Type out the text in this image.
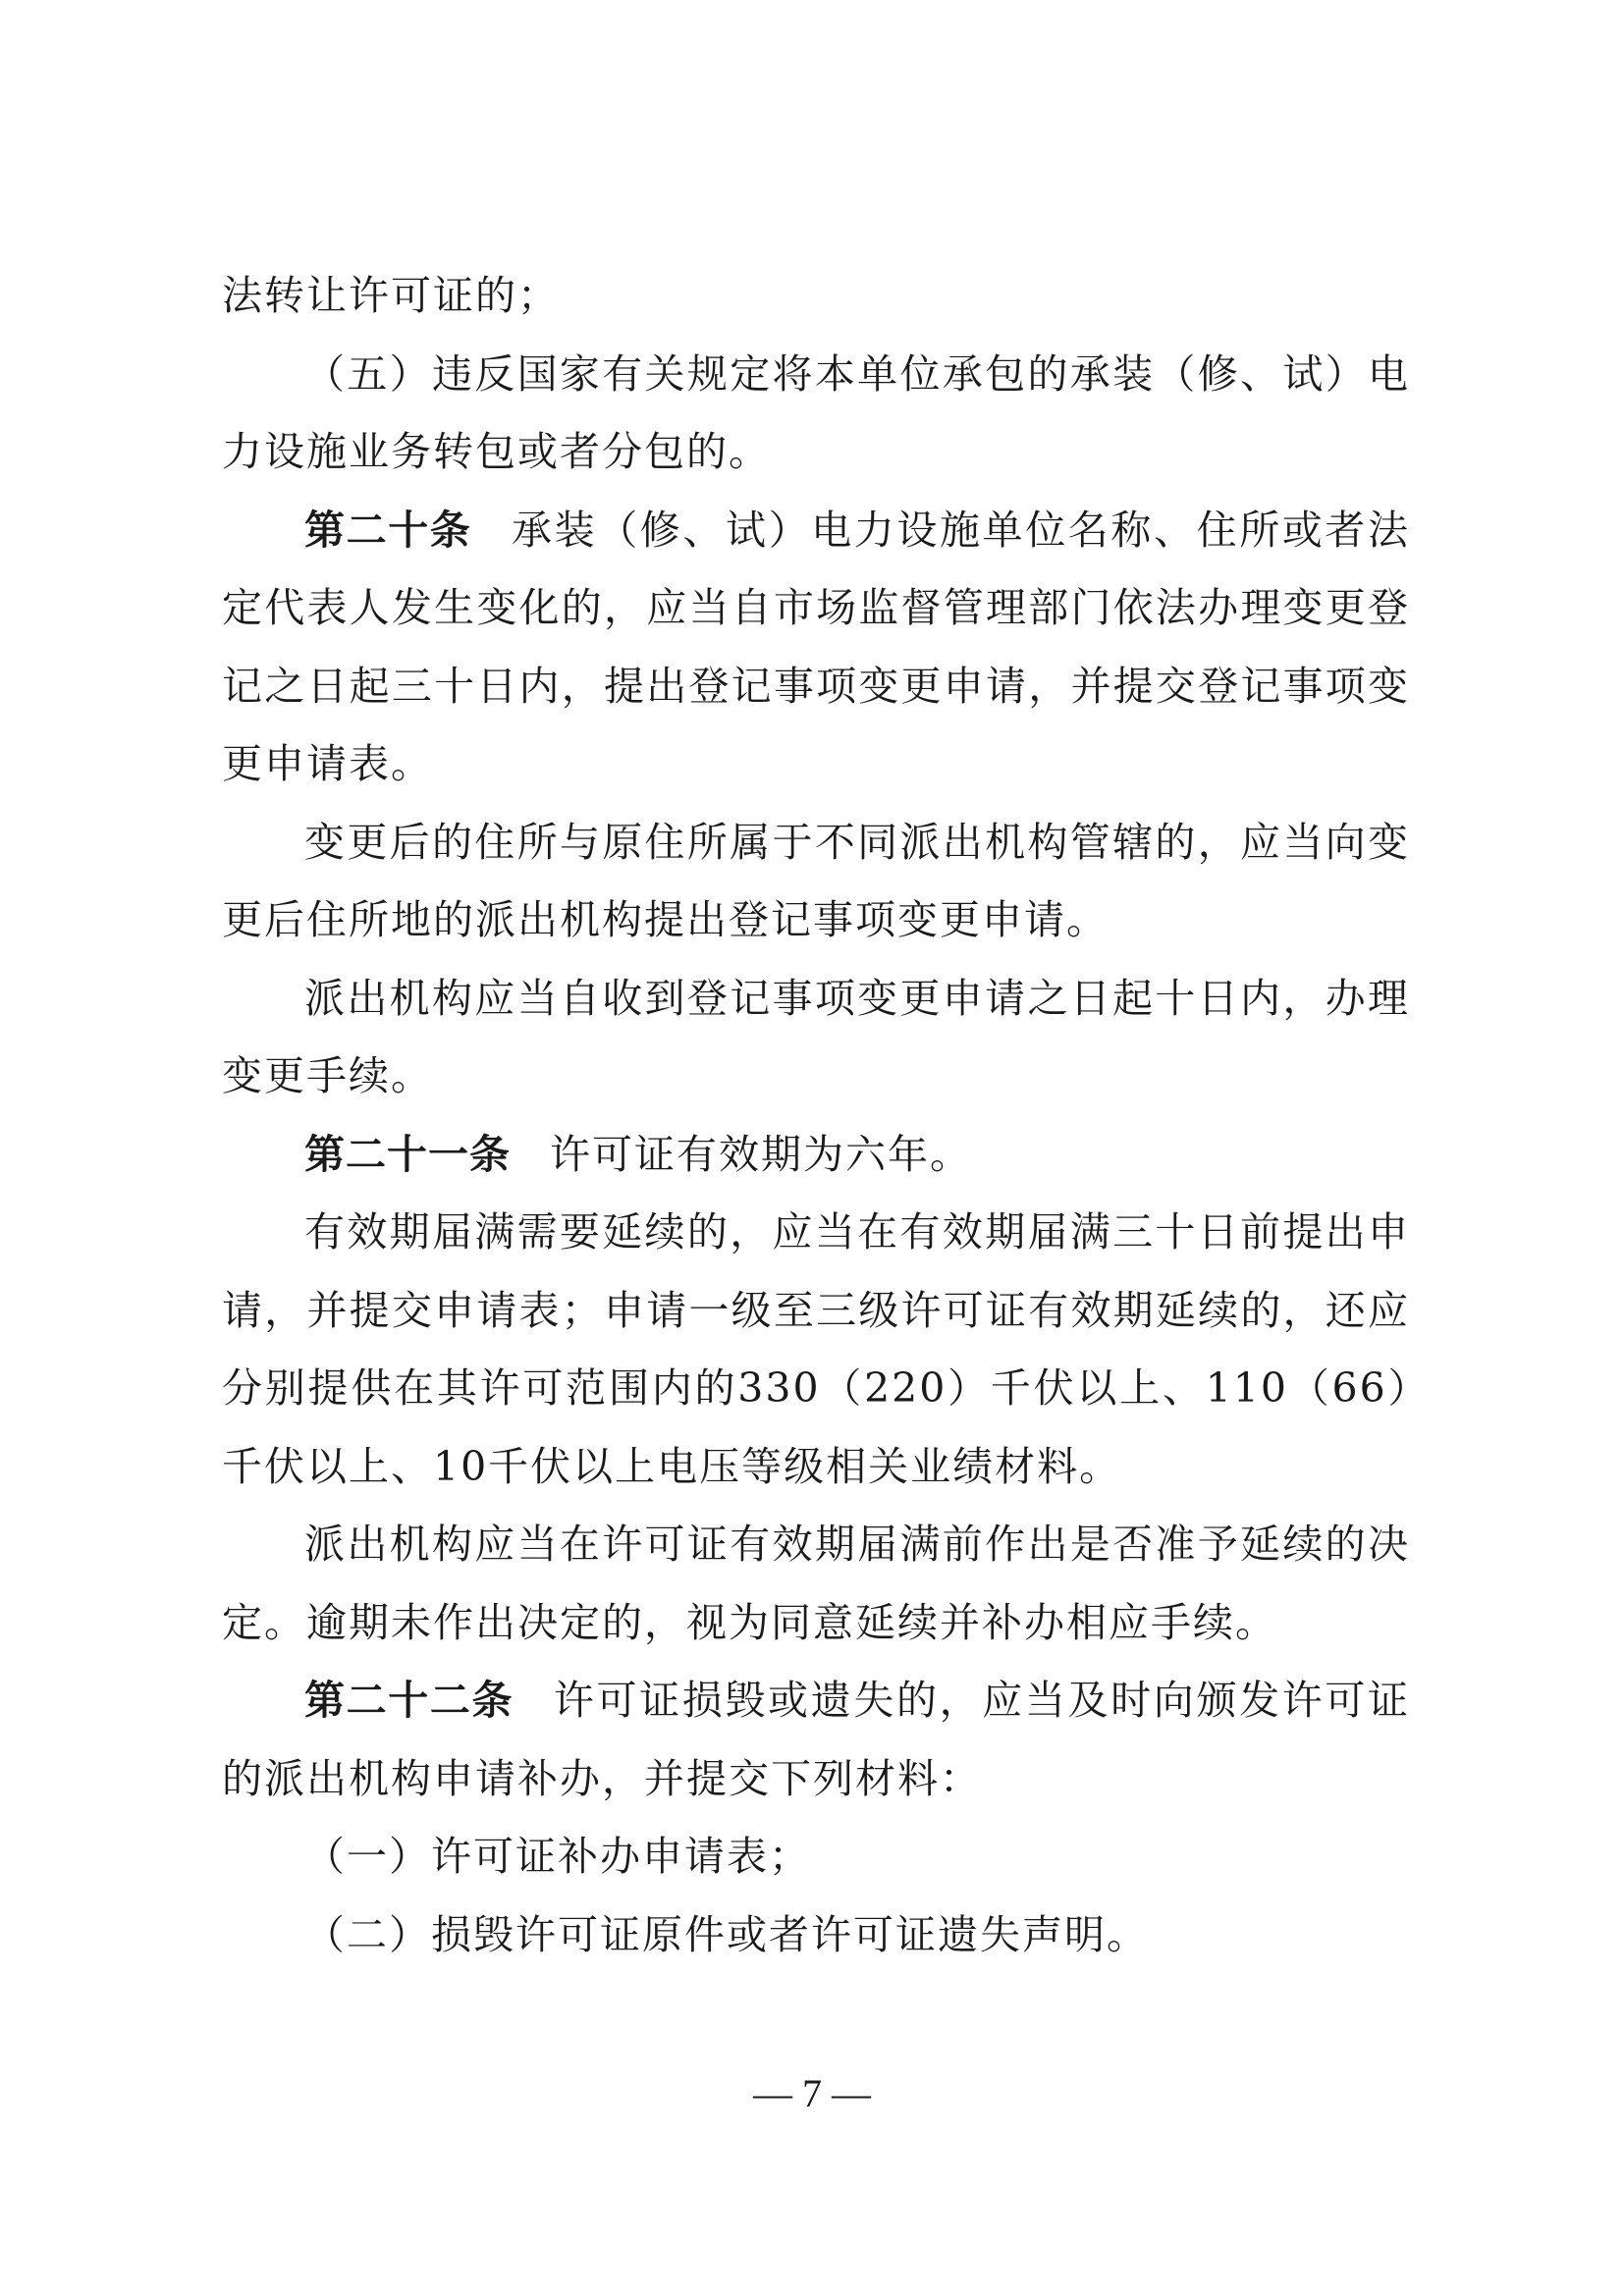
法转让许可证的；

（五）违反国家有关规定将本单位承包的承装（修、试）电力设施业务转包或者分包的。

第二十条 承装（修、试）电力设施单位名称、住所或者法定代表人发生变化的，应当自市场监督管理部门依法办理变更登记之日起三十日内，提出登记事项变更申请，并提交登记事项变更申请表。

变更后的住所与原住所属于不同派出机构管辖的，应当向变更后住所地的派出机构提出登记事项变更申请。

派出机构应当自收到登记事项变更申请之日起十日内，办理变更手续。

第二十一条 许可证有效期为六年。

有效期届满需要延续的，应当在有效期届满三十日前提出申请，并提交申请表；申请一级至三级许可证有效期延续的，还应分别提供在其许可范围内的330（220）千伏以上、110（66）千伏以上、10千伏以上电压等级相关业绩材料。

派出机构应当在许可证有效期届满前作出是否准予延续的决定。逾期未作出决定的，视为同意延续并补办相应手续。

第二十二条 许可证损毁或遗失的，应当及时向颁发许可证的派出机构申请补办，并提交下列材料：

（一）许可证补办申请表；

（二）损毁许可证原件或者许可证遗失声明。

— 7 —
